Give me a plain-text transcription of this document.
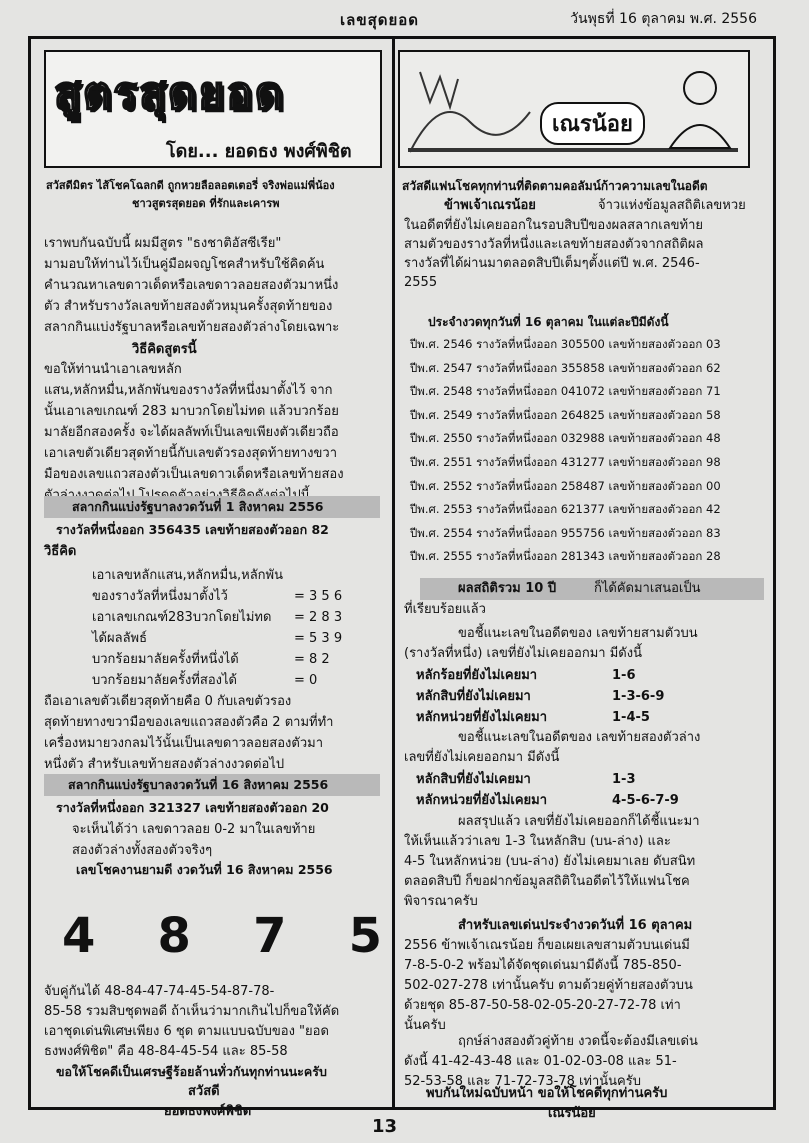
เลขสุดยอด	วันพุธที่ 16 ตุลาคม พ.ศ. 2556
สูตรสุดยอด
โดย... ยอดธง พงศ์พิชิต
สวัสดีมิตร ไส้โชคโฉลกดี ถูกหวยลือลอตเตอรี่ จริงพ่อแม่พี่น้อง
ชาวสูตรสุดยอด ที่รักและเคารพ
เราพบกันฉบับนี้ ผมมีสูตร "ธงชาติอัสซีเรีย"
มามอบให้ท่านไว้เป็นคู่มือผจญโชคสำหรับใช้คิดค้น
คำนวณหาเลขดาวเด็ดหรือเลขดาวลอยสองตัวมาหนึ่ง
ตัว สำหรับรางวัลเลขท้ายสองตัวหมุนครั้งสุดท้ายของ
สลากกินแบ่งรัฐบาลหรือเลขท้ายสองตัวล่างโดยเฉพาะ
วิธีคิดสูตรนี้
ขอให้ท่านนำเอาเลขหลัก
แสน,หลักหมื่น,หลักพันของรางวัลที่หนึ่งมาตั้งไว้ จาก
นั้นเอาเลขเกณฑ์ 283 มาบวกโดยไม่ทด แล้วบวกร้อย
มาลัยอีกสองครั้ง จะได้ผลลัพท์เป็นเลขเพียงตัวเดียวถือ
เอาเลขตัวเดียวสุดท้ายนี้กับเลขตัวรองสุดท้ายทางขวา
มือของเลขแถวสองตัวเป็นเลขดาวเด็ดหรือเลขท้ายสอง
สลากกินแบ่งรัฐบาลงวดวันที่ 1 สิงหาคม 2556
รางวัลที่หนึ่งออก 356435 เลขท้ายสองตัวออก 82
วิธีคิด
เอาเลขหลักแสน,หลักหมื่น,หลักพัน
ของรางวัลที่หนึ่งมาตั้งไว้	= 3 5 6
เอาเลขเกณฑ์283บวกโดยไม่ทด = 2 8 3
ได้ผลลัพธ์	= 5 3 9
บวกร้อยมาลัยครั้งที่หนึ่งได้	= 8 2
บวกร้อยมาลัยครั้งที่สองได้	= 0
ถือเอาเลขตัวเดียวสุดท้ายคือ 0 กับเลขตัวรอง
สุดท้ายทางขวามือของเลขแถวสองตัวคือ 2 ตามที่ทำ
เครื่องหมายวงกลมไว้นั้นเป็นเลขดาวลอยสองตัวมา
หนึ่งตัว สำหรับเลขท้ายสองตัวล่างงวดต่อไป
สลากกินแบ่งรัฐบาลงวดวันที่ 16 สิงหาคม 2556
รางวัลที่หนึ่งออก 321327 เลขท้ายสองตัวออก 20
จะเห็นได้ว่า เลขดาวลอย 0-2 มาในเลขท้าย
สองตัวล่างทั้งสองตัวจริงๆ
เลขโชคงานยามดี งวดวันที่ 16 สิงหาคม 2556
4 8 7 5
จับคู่กันได้ 48-84-47-74-45-54-87-78-
85-58 รวมสิบชุดพอดี ถ้าเห็นว่ามากเกินไปก็ขอให้คัด
เอาชุดเด่นพิเศษเพียง 6 ชุด ตามแบบฉบับของ "ยอด
ธงพงศ์พิชิต" คือ 48-84-45-54 และ 85-58
ขอให้โชคดีเป็นเศรษฐีร้อยล้านทั่วกันทุกท่านนะครับ
สวัสดี
ยอดธงพงศ์พิชิต
เณรน้อย
สวัสดีแฟนโชคทุกท่านที่ติดตามคอลัมน์ก้าวความเลขในอดีต
ข้าพเจ้าเณรน้อย	จ้าวแห่งข้อมูลสถิติเลขหวย
ในอดีตที่ยังไม่เคยออกในรอบสิบปีของผลสลากเลขท้าย
สามตัวของรางวัลที่หนึ่งและเลขท้ายสองตัวจากสถิติผล
รางวัลที่ได้ผ่านมาตลอดสิบปีเต็มๆตั้งแต่ปี พ.ศ. 2546-
2555
ประจำงวดทุกวันที่ 16 ตุลาคม ในแต่ละปีมีดังนี้
ปีพ.ศ. 2546 รางวัลที่หนึ่งออก 305500 เลขท้ายสองตัวออก 03
ปีพ.ศ. 2547 รางวัลที่หนึ่งออก 355858 เลขท้ายสองตัวออก 62
ปีพ.ศ. 2548 รางวัลที่หนึ่งออก 041072 เลขท้ายสองตัวออก 71
ปีพ.ศ. 2549 รางวัลที่หนึ่งออก 264825 เลขท้ายสองตัวออก 58
ปีพ.ศ. 2550 รางวัลที่หนึ่งออก 032988 เลขท้ายสองตัวออก 48
ปีพ.ศ. 2551 รางวัลที่หนึ่งออก 431277 เลขท้ายสองตัวออก 98
ปีพ.ศ. 2552 รางวัลที่หนึ่งออก 258487 เลขท้ายสองตัวออก 00
ปีพ.ศ. 2553 รางวัลที่หนึ่งออก 621377 เลขท้ายสองตัวออก 42
ปีพ.ศ. 2554 รางวัลที่หนึ่งออก 955756 เลขท้ายสองตัวออก 83
ปีพ.ศ. 2555 รางวัลที่หนึ่งออก 281343 เลขท้ายสองตัวออก 28
ผลสถิติรวม 10 ปี	ก็ได้คัดมาเสนอเป็น
ที่เรียบร้อยแล้ว
ขอชี้แนะเลขในอดีตของ เลขท้ายสามตัวบน
(รางวัลที่หนึ่ง) เลขที่ยังไม่เคยออกมา มีดังนี้
หลักร้อยที่ยังไม่เคยมา	1-6
หลักสิบที่ยังไม่เคยมา	1-3-6-9
หลักหน่วยที่ยังไม่เคยมา	1-4-5
ขอชี้แนะเลขในอดีตของ เลขท้ายสองตัวล่าง
เลขที่ยังไม่เคยออกมา มีดังนี้
หลักสิบที่ยังไม่เคยมา	1-3
หลักหน่วยที่ยังไม่เคยมา	4-5-6-7-9
ผลสรุปแล้ว เลขที่ยังไม่เคยออกก็ได้ชี้แนะมา
ให้เห็นแล้วว่าเลข 1-3 ในหลักสิบ (บน-ล่าง) และ
4-5 ในหลักหน่วย (บน-ล่าง) ยังไม่เคยมาเลย ดับสนิท
ตลอดสิบปี ก็ขอฝากข้อมูลสถิติในอดีตไว้ให้แฟนโชค
พิจารณาครับ
สำหรับเลขเด่นประจำงวดวันที่ 16 ตุลาคม
2556 ข้าพเจ้าเณรน้อย ก็ขอเผยเลขสามตัวบนเด่นมี
7-8-5-0-2 พร้อมได้จัดชุดเด่นมามีดังนี้ 785-850-
502-027-278 เท่านั้นครับ ตามด้วยคู่ท้ายสองตัวบน
ด้วยชุด 85-87-50-58-02-05-20-27-72-78 เท่า
นั้นครับ
ฤกษ์ล่างสองตัวคู่ท้าย งวดนี้จะต้องมีเลขเด่น
ดังนี้ 41-42-43-48 และ 01-02-03-08 และ 51-
52-53-58 และ 71-72-73-78 เท่านั้นครับ
พบกันใหม่ฉบับหน้า ขอให้โชคดีทุกท่านครับ
เณรน้อย
13
